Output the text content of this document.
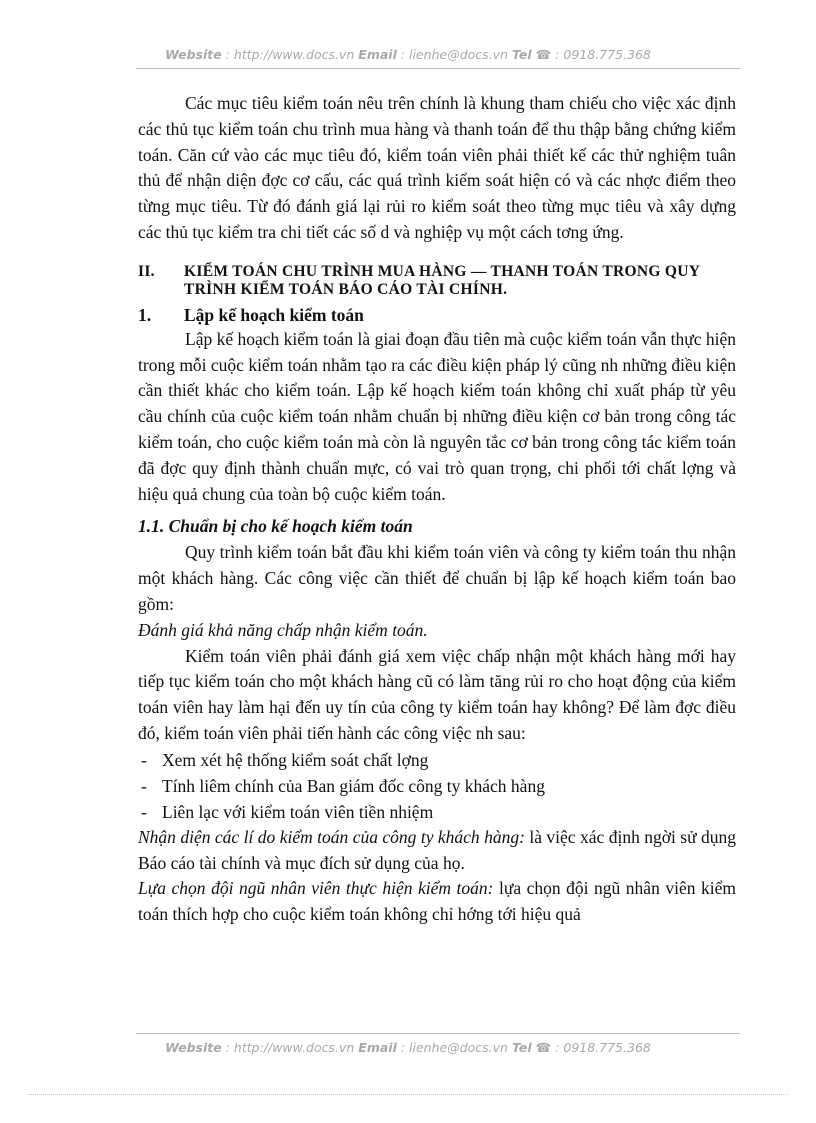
Website : http://www.docs.vn Email : lienhe@docs.vn Tel ☎ : 0918.775.368

Các mục tiêu kiểm toán nêu trên chính là khung tham chiếu cho việc xác định các thủ tục kiểm toán chu trình mua hàng và thanh toán để thu thập bằng chứng kiểm toán. Căn cứ vào các mục tiêu đó, kiểm toán viên phải thiết kế các thử nghiệm tuân thủ để nhận diện đợc cơ cấu, các quá trình kiểm soát hiện có và các nhợc điểm theo từng mục tiêu. Từ đó đánh giá lại rủi ro kiểm soát theo từng mục tiêu và xây dựng các thủ tục kiểm tra chi tiết các số d và nghiệp vụ một cách tơng ứng.

II.	KIỂM TOÁN CHU TRÌNH MUA HÀNG — THANH TOÁN TRONG QUY TRÌNH KIỂM TOÁN BÁO CÁO TÀI CHÍNH.
1.	Lập kế hoạch kiểm toán

Lập kế hoạch kiểm toán là giai đoạn đầu tiên mà cuộc kiểm toán vẫn thực hiện trong mỗi cuộc kiểm toán nhằm tạo ra các điều kiện pháp lý cũng nh những điều kiện cần thiết khác cho kiểm toán. Lập kế hoạch kiểm toán không chỉ xuất pháp từ yêu cầu chính của cuộc kiểm toán nhằm chuẩn bị những điều kiện cơ bản trong công tác kiểm toán, cho cuộc kiểm toán mà còn là nguyên tắc cơ bản trong công tác kiểm toán đã đợc quy định thành chuẩn mực, có vai trò quan trọng, chi phối tới chất lợng và hiệu quả chung của toàn bộ cuộc kiểm toán.

1.1. Chuẩn bị cho kế hoạch kiểm toán

Quy trình kiểm toán bắt đầu khi kiểm toán viên và công ty kiểm toán thu nhận một khách hàng. Các công việc cần thiết để chuẩn bị lập kế hoạch kiểm toán bao gồm:

Đánh giá khả năng chấp nhận kiểm toán.

Kiểm toán viên phải đánh giá xem việc chấp nhận một khách hàng mới hay tiếp tục kiểm toán cho một khách hàng cũ có làm tăng rủi ro cho hoạt động của kiểm toán viên hay làm hại đến uy tín của công ty kiểm toán hay không? Để làm đợc điều đó, kiểm toán viên phải tiến hành các công việc nh sau:

- Xem xét hệ thống kiểm soát chất lợng
- Tính liêm chính của Ban giám đốc công ty khách hàng
- Liên lạc với kiểm toán viên tiền nhiệm

Nhận diện các lí do kiểm toán của công ty khách hàng: là việc xác định ngời sử dụng Báo cáo tài chính và mục đích sử dụng của họ.

Lựa chọn đội ngũ nhân viên thực hiện kiểm toán: lựa chọn đội ngũ nhân viên kiểm toán thích hợp cho cuộc kiểm toán không chỉ hớng tới hiệu quả

Website : http://www.docs.vn Email : lienhe@docs.vn Tel ☎ : 0918.775.368
